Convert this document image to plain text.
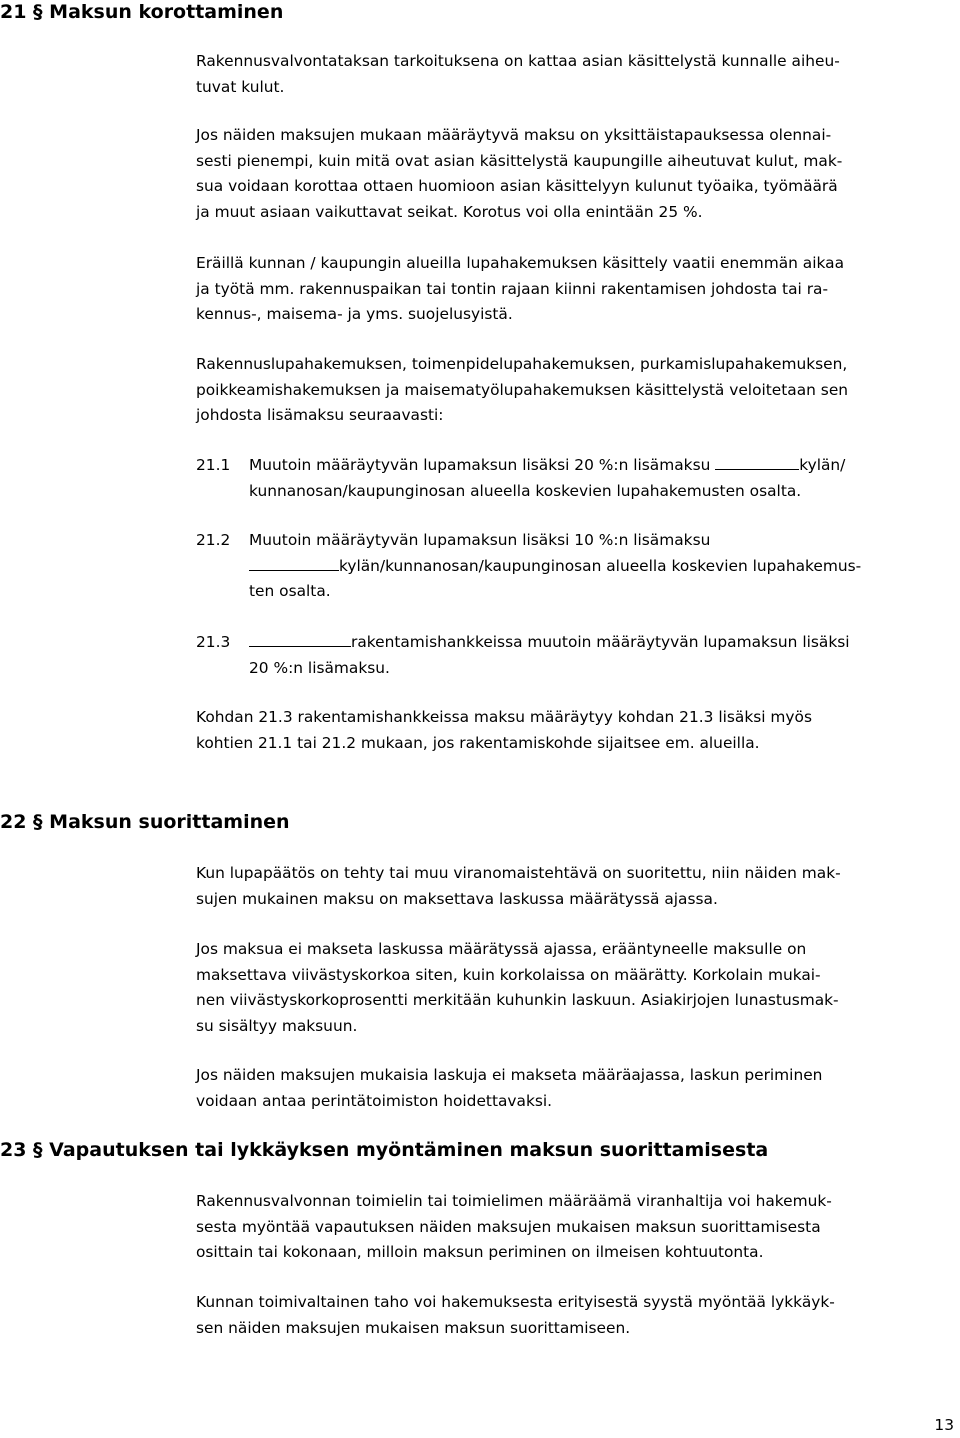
21 § Maksun korottaminen
Rakennusvalvontataksan tarkoituksena on kattaa asian käsittelystä kunnalle aiheu-
tuvat kulut.
Jos näiden maksujen mukaan määräytyvä maksu on yksittäistapauksessa olennai-
sesti pienempi, kuin mitä ovat asian käsittelystä kaupungille aiheutuvat kulut, mak-
sua voidaan korottaa ottaen huomioon asian käsittelyyn kulunut työaika, työmäärä
ja muut asiaan vaikuttavat seikat. Korotus voi olla enintään 25 %.
Eräillä kunnan / kaupungin alueilla lupahakemuksen käsittely vaatii enemmän aikaa
ja työtä mm. rakennuspaikan tai tontin rajaan kiinni rakentamisen johdosta tai ra-
kennus-, maisema- ja yms. suojelusyistä.
Rakennuslupahakemuksen, toimenpidelupahakemuksen, purkamislupahakemuksen,
poikkeamishakemuksen ja maisematyölupahakemuksen käsittelystä veloitetaan sen
johdosta lisämaksu seuraavasti:
21.1 Muutoin määräytyvän lupamaksun lisäksi 20 %:n lisämaksu	kylän/
kunnanosan/kaupunginosan alueella koskevien lupahakemusten osalta.
21.2 Muutoin määräytyvän lupamaksun lisäksi 10 %:n lisämaksu
kylän/kunnanosan/kaupunginosan alueella koskevien lupahakemus-
ten osalta.
21.3	rakentamishankkeissa muutoin määräytyvän lupamaksun lisäksi
20 %:n lisämaksu.
Kohdan 21.3 rakentamishankkeissa maksu määräytyy kohdan 21.3 lisäksi myös
kohtien 21.1 tai 21.2 mukaan, jos rakentamiskohde sijaitsee em. alueilla.
22 § Maksun suorittaminen
Kun lupapäätös on tehty tai muu viranomaistehtävä on suoritettu, niin näiden mak-
sujen mukainen maksu on maksettava laskussa määrätyssä ajassa.
Jos maksua ei makseta laskussa määrätyssä ajassa, erääntyneelle maksulle on
maksettava viivästyskorkoa siten, kuin korkolaissa on määrätty. Korkolain mukai-
nen viivästyskorkoprosentti merkitään kuhunkin laskuun. Asiakirjojen lunastusmak-
su sisältyy maksuun.
Jos näiden maksujen mukaisia laskuja ei makseta määräajassa, laskun periminen
voidaan antaa perintätoimiston hoidettavaksi.
23 § Vapautuksen tai lykkäyksen myöntäminen maksun suorittamisesta
Rakennusvalvonnan toimielin tai toimielimen määräämä viranhaltija voi hakemuk-
sesta myöntää vapautuksen näiden maksujen mukaisen maksun suorittamisesta
osittain tai kokonaan, milloin maksun periminen on ilmeisen kohtuutonta.
Kunnan toimivaltainen taho voi hakemuksesta erityisestä syystä myöntää lykkäyk-
sen näiden maksujen mukaisen maksun suorittamiseen.
13
